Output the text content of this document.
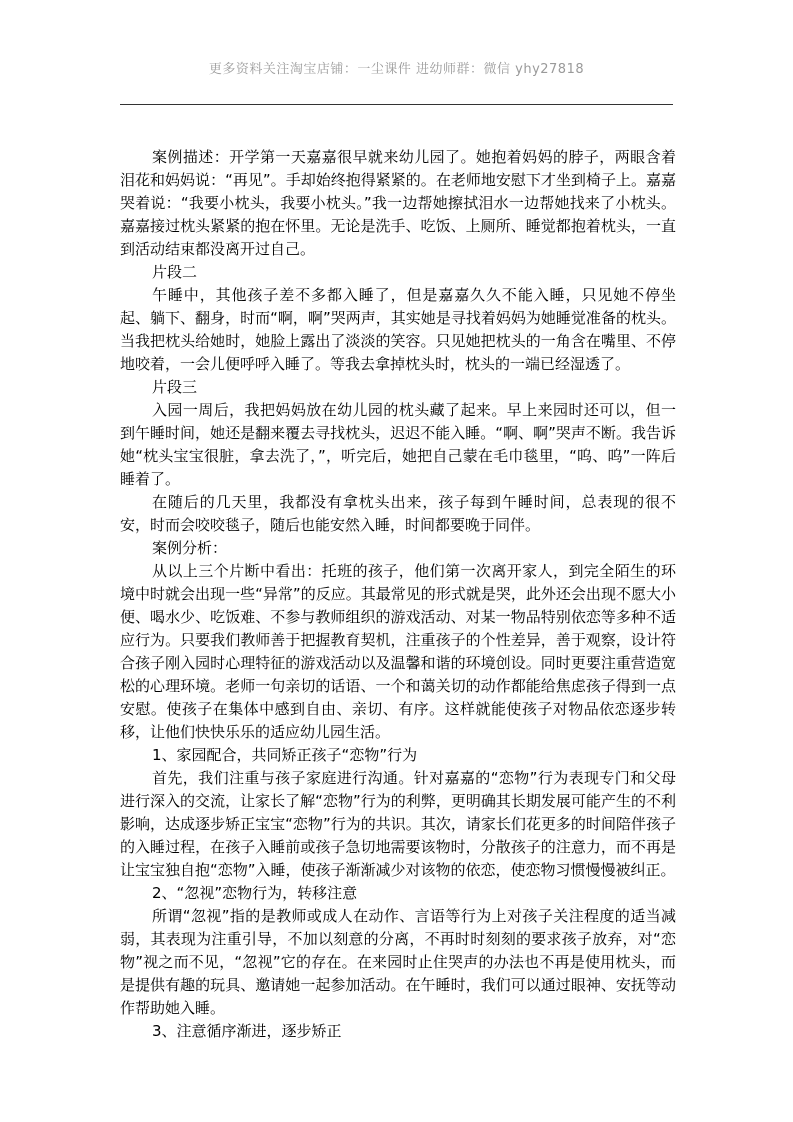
更多资料关注淘宝店铺：一尘课件 进幼师群：微信 yhy27818

案例描述：开学第一天嘉嘉很早就来幼儿园了。她抱着妈妈的脖子，两眼含着泪花和妈妈说：“再见”。手却始终抱得紧紧的。在老师地安慰下才坐到椅子上。嘉嘉哭着说：“我要小枕头，我要小枕头。”我一边帮她擦拭泪水一边帮她找来了小枕头。嘉嘉接过枕头紧紧的抱在怀里。无论是洗手、吃饭、上厕所、睡觉都抱着枕头，一直到活动结束都没离开过自己。

片段二

午睡中，其他孩子差不多都入睡了，但是嘉嘉久久不能入睡，只见她不停坐起、躺下、翻身，时而“啊，啊”哭两声，其实她是寻找着妈妈为她睡觉准备的枕头。当我把枕头给她时，她脸上露出了淡淡的笑容。只见她把枕头的一角含在嘴里、不停地咬着，一会儿便呼呼入睡了。等我去拿掉枕头时，枕头的一端已经湿透了。

片段三

入园一周后，我把妈妈放在幼儿园的枕头藏了起来。早上来园时还可以，但一到午睡时间，她还是翻来覆去寻找枕头，迟迟不能入睡。“啊、啊”哭声不断。我告诉她“枕头宝宝很脏，拿去洗了，”，听完后，她把自己蒙在毛巾毯里，“呜、呜”一阵后睡着了。

在随后的几天里，我都没有拿枕头出来，孩子每到午睡时间，总表现的很不安，时而会咬咬毯子，随后也能安然入睡，时间都要晚于同伴。

案例分析：

从以上三个片断中看出：托班的孩子，他们第一次离开家人，到完全陌生的环境中时就会出现一些“异常”的反应。其最常见的形式就是哭，此外还会出现不愿大小便、喝水少、吃饭难、不参与教师组织的游戏活动、对某一物品特别依恋等多种不适应行为。只要我们教师善于把握教育契机，注重孩子的个性差异，善于观察，设计符合孩子刚入园时心理特征的游戏活动以及温馨和谐的环境创设。同时更要注重营造宽松的心理环境。老师一句亲切的话语、一个和蔼关切的动作都能给焦虑孩子得到一点安慰。使孩子在集体中感到自由、亲切、有序。这样就能使孩子对物品依恋逐步转移，让他们快快乐乐的适应幼儿园生活。

1、家园配合，共同矫正孩子“恋物”行为

首先，我们注重与孩子家庭进行沟通。针对嘉嘉的“恋物”行为表现专门和父母进行深入的交流，让家长了解“恋物”行为的利弊，更明确其长期发展可能产生的不利影响，达成逐步矫正宝宝“恋物”行为的共识。其次，请家长们花更多的时间陪伴孩子的入睡过程，在孩子入睡前或孩子急切地需要该物时，分散孩子的注意力，而不再是让宝宝独自抱“恋物”入睡，使孩子渐渐减少对该物的依恋，使恋物习惯慢慢被纠正。

2、“忽视”恋物行为，转移注意

所谓“忽视”指的是教师或成人在动作、言语等行为上对孩子关注程度的适当减弱，其表现为注重引导，不加以刻意的分离，不再时时刻刻的要求孩子放弃，对“恋物”视之而不见，“忽视”它的存在。在来园时止住哭声的办法也不再是使用枕头，而是提供有趣的玩具、邀请她一起参加活动。在午睡时，我们可以通过眼神、安抚等动作帮助她入睡。

3、注意循序渐进，逐步矫正
